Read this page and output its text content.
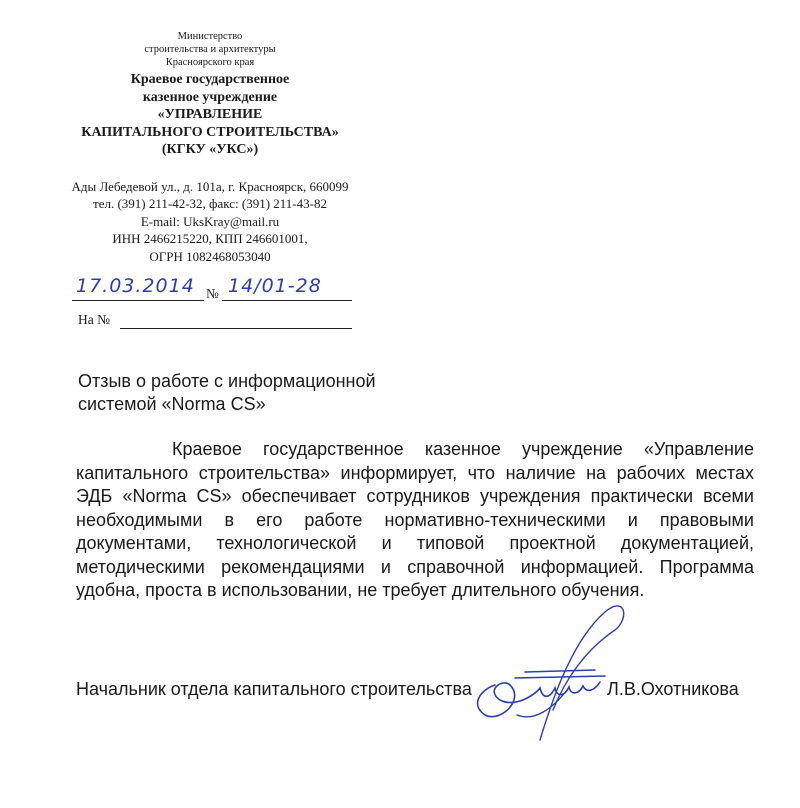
Министерство
строительства и архитектуры
Красноярского края
Краевое государственное
казенное учреждение
«УПРАВЛЕНИЕ
КАПИТАЛЬНОГО СТРОИТЕЛЬСТВА»
(КГКУ «УКС»)
Ады Лебедевой ул., д. 101а, г. Красноярск, 660099
тел. (391) 211-42-32, факс: (391) 211-43-82
E-mail: UksKray@mail.ru
ИНН 2466215220, КПП 246601001,
ОГРН 1082468053040
17.03.2014 № 14/01-28
На №
Отзыв о работе с информационной
системой «Norma CS»
Краевое государственное казенное учреждение «Управление капитального строительства» информирует, что наличие на рабочих местах ЭДБ «Norma CS» обеспечивает сотрудников учреждения практически всеми необходимыми в его работе нормативно-техническими и правовыми документами, технологической и типовой проектной документацией, методическими рекомендациями и справочной информацией. Программа удобна, проста в использовании, не требует длительного обучения.
Начальник отдела капитального строительства	Л.В.Охотникова
